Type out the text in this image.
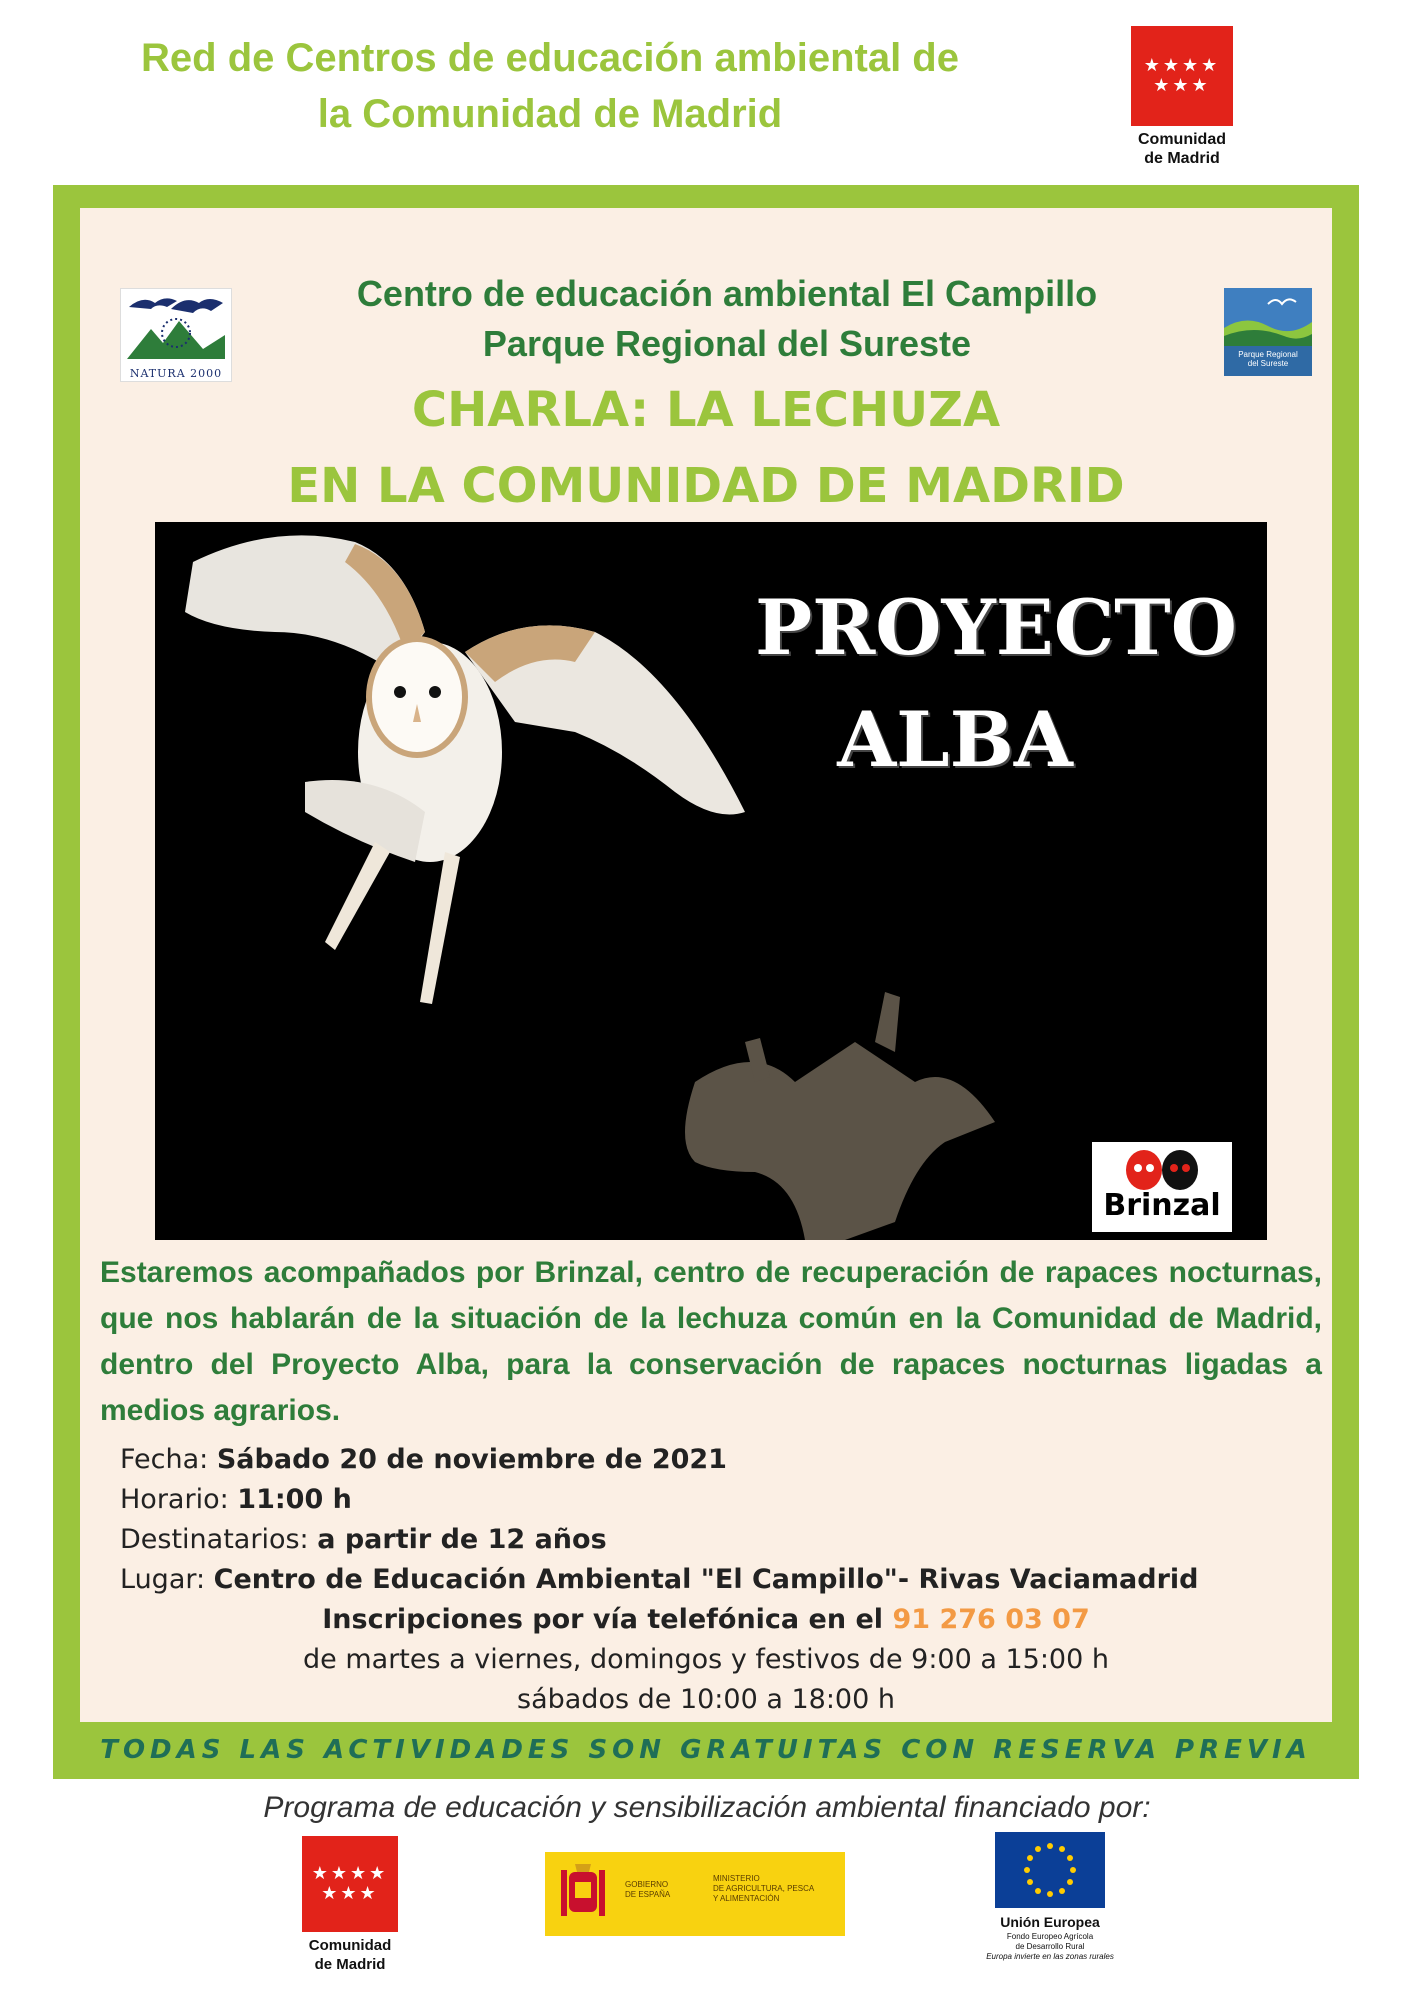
Red de Centros de educación ambiental de
la Comunidad de Madrid
★★★★
★★★
Comunidad
de Madrid
NATURA 2000
Parque Regional
del Sureste
Centro de educación ambiental El Campillo
Parque Regional del Sureste
CHARLA: LA LECHUZA
EN LA COMUNIDAD DE MADRID
PROYECTO
ALBA
Brinzal
Estaremos acompañados por Brinzal, centro de recuperación de rapaces nocturnas, que nos hablarán de la situación de la lechuza común en la Comunidad de Madrid, dentro del Proyecto Alba, para la conservación de rapaces nocturnas ligadas a medios agrarios.
Fecha: Sábado 20 de noviembre de 2021
Horario: 11:00 h
Destinatarios: a partir de 12 años
Lugar: Centro de Educación Ambiental "El Campillo"- Rivas Vaciamadrid
Inscripciones por vía telefónica en el 91 276 03 07
de martes a viernes, domingos y festivos de 9:00 a 15:00 h
sábados de 10:00 a 18:00 h
TODAS LAS ACTIVIDADES SON GRATUITAS CON RESERVA PREVIA
Programa de educación y sensibilización ambiental financiado por:
★★★★
★★★
Comunidad
de Madrid
GOBIERNO
DE ESPAÑA
MINISTERIO
DE AGRICULTURA, PESCA
Y ALIMENTACIÓN
Unión Europea
Fondo Europeo Agrícola
de Desarrollo Rural
Europa invierte en las zonas rurales
